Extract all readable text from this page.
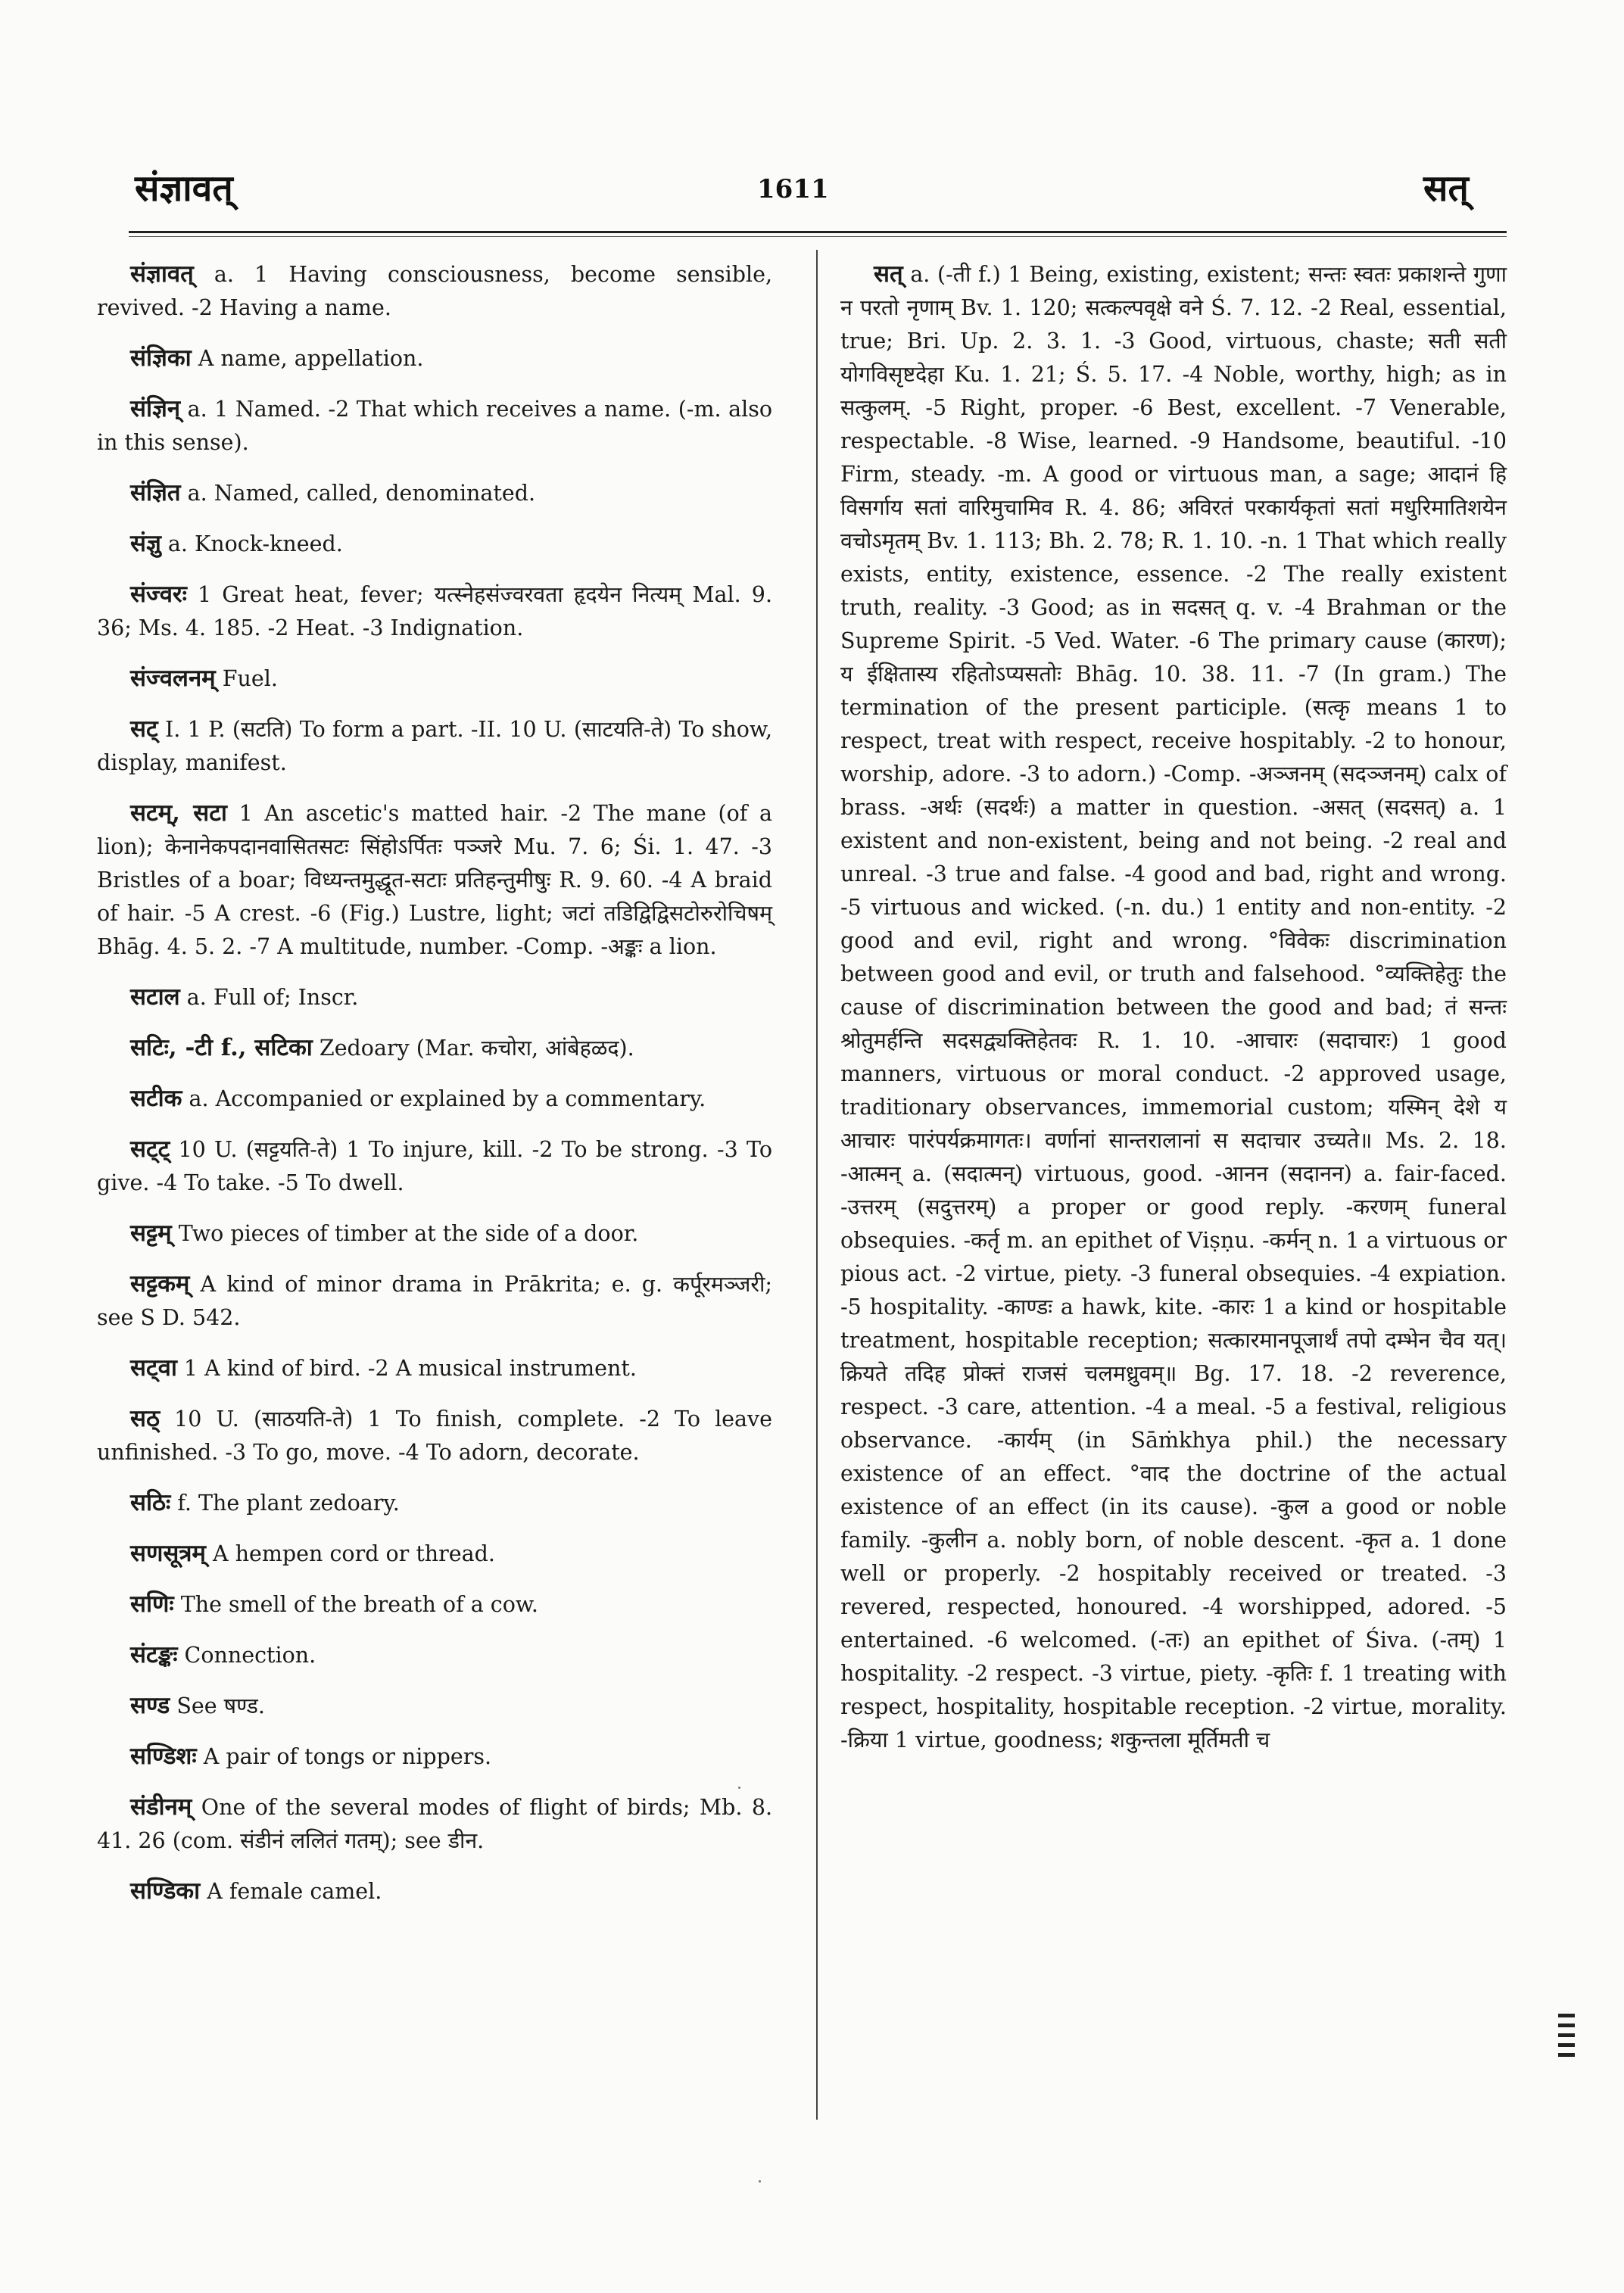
संज्ञावत्	1611	सत्

संज्ञावत् a. 1 Having consciousness, become sensible, revived. -2 Having a name.

संज्ञिका A name, appellation.

संज्ञिन् a. 1 Named. -2 That which receives a name. (-m. also in this sense).

संज्ञित a. Named, called, denominated.

संज्ञु a. Knock-kneed.

संज्वरः 1 Great heat, fever; यत्स्नेहसंज्वरवता हृदयेन नित्यम् Mal. 9. 36; Ms. 4. 185. -2 Heat. -3 Indignation.

संज्वलनम् Fuel.

सट् I. 1 P. (सटति) To form a part. -II. 10 U. (साटयति-ते) To show, display, manifest.

सटम्, सटा 1 An ascetic's matted hair. -2 The mane (of a lion); केनानेकपदानवासितसटः सिंहोऽर्पितः पञ्जरे Mu. 7. 6; Śi. 1. 47. -3 Bristles of a boar; विध्यन्तमुद्धूत-सटाः प्रतिहन्तुमीषुः R. 9. 60. -4 A braid of hair. -5 A crest. -6 (Fig.) Lustre, light; जटां तडिद्विद्विसटोरुरोचिषम् Bhāg. 4. 5. 2. -7 A multitude, number. -Comp. -अङ्कः a lion.

सटाल a. Full of; Inscr.

सटिः, -टी f., सटिका Zedoary (Mar. कचोरा, आंबेहळद).

सटीक a. Accompanied or explained by a commentary.

सट्ट् 10 U. (सट्टयति-ते) 1 To injure, kill. -2 To be strong. -3 To give. -4 To take. -5 To dwell.

सट्टम् Two pieces of timber at the side of a door.

सट्टकम् A kind of minor drama in Prākrita; e. g. कर्पूरमञ्जरी; see S D. 542.

सट्वा 1 A kind of bird. -2 A musical instrument.

सठ् 10 U. (साठयति-ते) 1 To finish, complete. -2 To leave unfinished. -3 To go, move. -4 To adorn, decorate.

सठिः f. The plant zedoary.

सणसूत्रम् A hempen cord or thread.

सणिः The smell of the breath of a cow.

संटङ्कः Connection.

सण्ड See षण्ड.

सण्डिशः A pair of tongs or nippers.

संडीनम् One of the several modes of flight of birds; Mb. 8. 41. 26 (com. संडीनं ललितं गतम्); see डीन.

सण्डिका A female camel.

सत् a. (-ती f.) 1 Being, existing, existent; सन्तः स्वतः प्रकाशन्ते गुणा न परतो नृणाम् Bv. 1. 120; सत्कल्पवृक्षे वने Ś. 7. 12. -2 Real, essential, true; Bri. Up. 2. 3. 1. -3 Good, virtuous, chaste; सती सती योगविसृष्टदेहा Ku. 1. 21; Ś. 5. 17. -4 Noble, worthy, high; as in सत्कुलम्. -5 Right, proper. -6 Best, excellent. -7 Venerable, respectable. -8 Wise, learned. -9 Handsome, beautiful. -10 Firm, steady. -m. A good or virtuous man, a sage; आदानं हि विसर्गाय सतां वारिमुचामिव R. 4. 86; अविरतं परकार्यकृतां सतां मधुरिमातिशयेन वचोऽमृतम् Bv. 1. 113; Bh. 2. 78; R. 1. 10. -n. 1 That which really exists, entity, existence, essence. -2 The really existent truth, reality. -3 Good; as in सदसत् q. v. -4 Brahman or the Supreme Spirit. -5 Ved. Water. -6 The primary cause (कारण); य ईक्षितास्य रहितोऽप्यसतोः Bhāg. 10. 38. 11. -7 (In gram.) The termination of the present participle. (सत्कृ means 1 to respect, treat with respect, receive hospitably. -2 to honour, worship, adore. -3 to adorn.) -Comp. -अञ्जनम् (सदञ्जनम्) calx of brass. -अर्थः (सदर्थः) a matter in question. -असत् (सदसत्) a. 1 existent and non-existent, being and not being. -2 real and unreal. -3 true and false. -4 good and bad, right and wrong. -5 virtuous and wicked. (-n. du.) 1 entity and non-entity. -2 good and evil, right and wrong. °विवेकः discrimination between good and evil, or truth and falsehood. °व्यक्तिहेतुः the cause of discrimination between the good and bad; तं सन्तः श्रोतुमर्हन्ति सदसद्व्यक्तिहेतवः R. 1. 10. -आचारः (सदाचारः) 1 good manners, virtuous or moral conduct. -2 approved usage, traditionary observances, immemorial custom; यस्मिन् देशे य आचारः पारंपर्यक्रमागतः। वर्णानां सान्तरालानां स सदाचार उच्यते॥ Ms. 2. 18. -आत्मन् a. (सदात्मन्) virtuous, good. -आनन (सदानन) a. fair-faced. -उत्तरम् (सदुत्तरम्) a proper or good reply. -करणम् funeral obsequies. -कर्तृ m. an epithet of Viṣṇu. -कर्मन् n. 1 a virtuous or pious act. -2 virtue, piety. -3 funeral obsequies. -4 expiation. -5 hospitality. -काण्डः a hawk, kite. -कारः 1 a kind or hospitable treatment, hospitable reception; सत्कारमानपूजार्थं तपो दम्भेन चैव यत्। क्रियते तदिह प्रोक्तं राजसं चलमध्रुवम्॥ Bg. 17. 18. -2 reverence, respect. -3 care, attention. -4 a meal. -5 a festival, religious observance. -कार्यम् (in Sāṁkhya phil.) the necessary existence of an effect. °वाद the doctrine of the actual existence of an effect (in its cause). -कुल a good or noble family. -कुलीन a. nobly born, of noble descent. -कृत a. 1 done well or properly. -2 hospitably received or treated. -3 revered, respected, honoured. -4 worshipped, adored. -5 entertained. -6 welcomed. (-तः) an epithet of Śiva. (-तम्) 1 hospitality. -2 respect. -3 virtue, piety. -कृतिः f. 1 treating with respect, hospitality, hospitable reception. -2 virtue, morality. -क्रिया 1 virtue, goodness; शकुन्तला मूर्तिमती च
